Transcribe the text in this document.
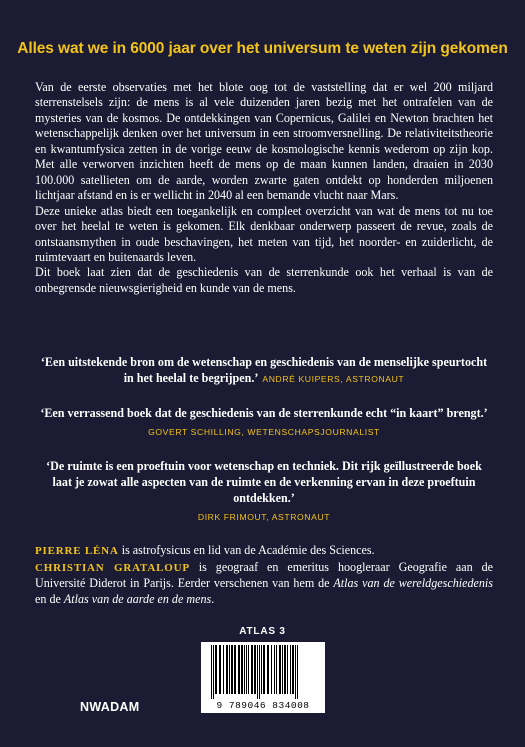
Alles wat we in 6000 jaar over het universum te weten zijn gekomen

Van de eerste observaties met het blote oog tot de vaststelling dat er wel 200 miljard sterrenstelsels zijn: de mens is al vele duizenden jaren bezig met het ontrafelen van de mysteries van de kosmos. De ontdekkingen van Copernicus, Galilei en Newton brachten het wetenschappelijk denken over het universum in een stroomversnelling. De relativiteitstheorie en kwantumfysica zetten in de vorige eeuw de kosmologische kennis wederom op zijn kop. Met alle verworven inzichten heeft de mens op de maan kunnen landen, draaien in 2030 100.000 satellieten om de aarde, worden zwarte gaten ontdekt op honderden miljoenen lichtjaar afstand en is er wellicht in 2040 al een bemande vlucht naar Mars.

Deze unieke atlas biedt een toegankelijk en compleet overzicht van wat de mens tot nu toe over het heelal te weten is gekomen. Elk denkbaar onderwerp passeert de revue, zoals de ontstaansmythen in oude beschavingen, het meten van tijd, het noorder- en zuiderlicht, de ruimtevaart en buitenaards leven.

Dit boek laat zien dat de geschiedenis van de sterrenkunde ook het verhaal is van de onbegrensde nieuwsgierigheid en kunde van de mens.

‘Een uitstekende bron om de wetenschap en geschiedenis van de menselijke speurtocht in het heelal te begrijpen.’ ANDRÉ KUIPERS, ASTRONAUT
‘Een verrassend boek dat de geschiedenis van de sterrenkunde echt “in kaart” brengt.’
GOVERT SCHILLING, WETENSCHAPSJOURNALIST
‘De ruimte is een proeftuin voor wetenschap en techniek. Dit rijk geïllustreerde boek laat je zowat alle aspecten van de ruimte en de verkenning ervan in deze proeftuin ontdekken.’
DIRK FRIMOUT, ASTRONAUT

PIERRE LÉNA is astrofysicus en lid van de Académie des Sciences.

CHRISTIAN GRATALOUP is geograaf en emeritus hoogleraar Geografie aan de Université Diderot in Parijs. Eerder verschenen van hem de Atlas van de wereldgeschiedenis en de Atlas van de aarde en de mens.

ATLAS 3
9 789046 834008
NWADAM
